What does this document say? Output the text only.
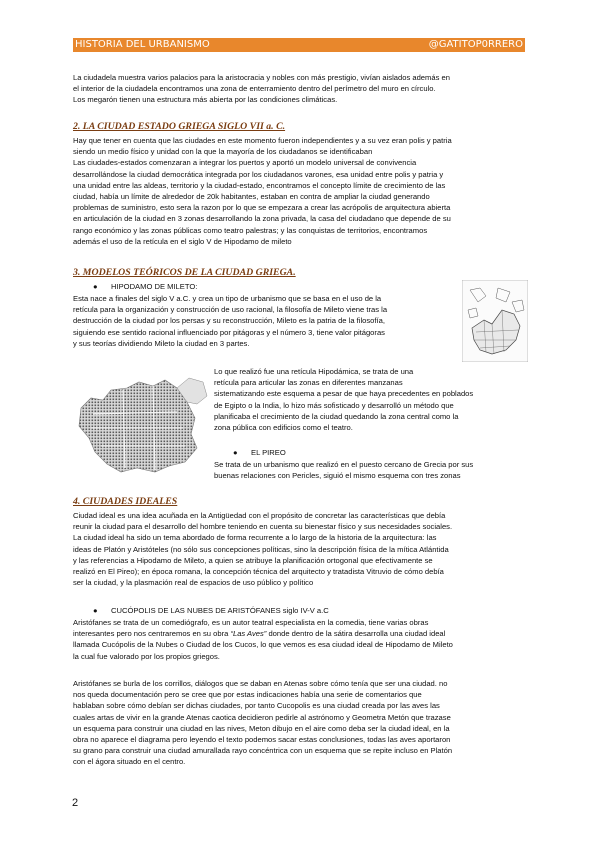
HISTORIA DEL URBANISMO	@GATITOP0RRERO

La ciudadela muestra varios palacios para la aristocracia y nobles con más prestigio, vivían aislados además en

el interior de la ciudadela encontramos una zona de enterramiento dentro del perímetro del muro en círculo.

Los megarón tienen una estructura más abierta por las condiciones climáticas.

2. LA CIUDAD ESTADO GRIEGA SIGLO VII a. C.

Hay que tener en cuenta que las ciudades en este momento fueron independientes y a su vez eran polis y patria

siendo un medio físico y unidad con la que la mayoría de los ciudadanos se identificaban

Las ciudades-estados comenzaran a integrar los puertos y aportó un modelo universal de convivencia

desarrollándose la ciudad democrática integrada por los ciudadanos varones, esa unidad entre polis y patria y

una unidad entre las aldeas, territorio y la ciudad-estado, encontramos el concepto límite de crecimiento de las

ciudad, había un límite de alrededor de 20k habitantes, estaban en contra de ampliar la ciudad generando

problemas de suministro, esto sera la razon por lo que se empezara a crear las acrópolis de arquitectura abierta

en articulación de la ciudad en 3 zonas desarrollando la zona privada, la casa del ciudadano que depende de su

rango económico y las zonas públicas como teatro palestras; y las conquistas de territorios, encontramos

además el uso de la retícula en el siglo V de Hipodamo de mileto

3. MODELOS TEÓRICOS DE LA CIUDAD GRIEGA.
● HIPODAMO DE MILETO:

Esta nace a finales del siglo V a.C. y crea un tipo de urbanismo que se basa en el uso de la

retícula para la organización y construcción de uso racional, la filosofía de Mileto viene tras la

destrucción de la ciudad por los persas y su reconstrucción, Mileto es la patria de la filosofía,

siguiendo ese sentido racional influenciado por pitágoras y el número 3, tiene valor pitágoras

y sus teorías dividiendo Mileto la ciudad en 3 partes.

Lo que realizó fue una retícula Hipodámica, se trata de una

retícula para articular las zonas en diferentes manzanas

sistematizando este esquema a pesar de que haya precedentes en poblados

de Egipto o la India, lo hizo más sofisticado y desarrolló un método que

planificaba el crecimiento de la ciudad quedando la zona central como la

zona pública con edificios como el teatro.

● EL PIREO

Se trata de un urbanismo que realizó en el puesto cercano de Grecia por sus

buenas relaciones con Pericles, siguió el mismo esquema con tres zonas

4. CIUDADES IDEALES

Ciudad ideal es una idea acuñada en la Antigüedad con el propósito de concretar las características que debía

reunir la ciudad para el desarrollo del hombre teniendo en cuenta su bienestar físico y sus necesidades sociales.

La ciudad ideal ha sido un tema abordado de forma recurrente a lo largo de la historia de la arquitectura: las

ideas de Platón y Aristóteles (no sólo sus concepciones políticas, sino la descripción física de la mítica Atlántida

y las referencias a Hipodamo de Mileto, a quien se atribuye la planificación ortogonal que efectivamente se

realizó en El Pireo); en época romana, la concepción técnica del arquitecto y tratadista Vitruvio de cómo debía

ser la ciudad, y la plasmación real de espacios de uso público y político

● CUCÓPOLIS DE LAS NUBES DE ARISTÓFANES siglo IV-V a.C

Aristófanes se trata de un comediógrafo, es un autor teatral especialista en la comedia, tiene varias obras

interesantes pero nos centraremos en su obra “Las Aves” donde dentro de la sátira desarrolla una ciudad ideal

llamada Cucópolis de la Nubes o Ciudad de los Cucos, lo que vemos es esa ciudad ideal de Hipodamo de Mileto

la cual fue valorado por los propios griegos.

Aristófanes se burla de los corrillos, diálogos que se daban en Atenas sobre cómo tenía que ser una ciudad. no

nos queda documentación pero se cree que por estas indicaciones había una serie de comentarios que

hablaban sobre cómo debían ser dichas ciudades, por tanto Cucopolis es una ciudad creada por las aves las

cuales artas de vivir en la grande Atenas caotica decidieron pedirle al astrónomo y Geometra Metón que trazase

un esquema para construir una ciudad en las nives, Meton dibujo en el aire como deba ser la ciudad ideal, en la

obra no aparece el diagrama pero leyendo el texto podemos sacar estas conclusiones, todas las aves aportaron

su grano para construir una ciudad amurallada rayo concéntrica con un esquema que se repite incluso en Platón

con el ágora situado en el centro.

2
